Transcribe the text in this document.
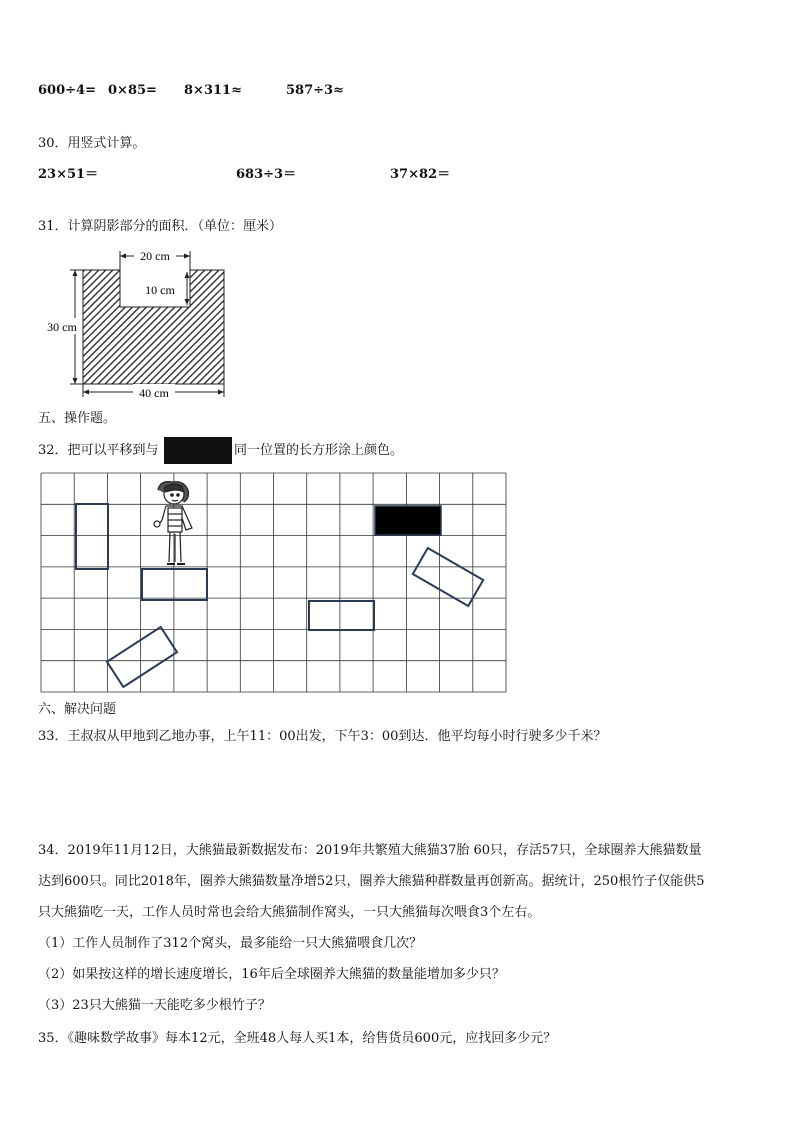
600÷4= 0×85= 8×311≈	587÷3≈
30．用竖式计算。
23×51＝	683÷3＝	37×82＝
31．计算阴影部分的面积．（单位：厘米）
20 cm
10 cm
30 cm
40 cm
五、操作题。
32．把可以平移到与	同一位置的长方形涂上颜色。
六、解决问题
33．王叔叔从甲地到乙地办事，上午11：00出发，下午3：00到达．他平均每小时行驶多少千米？
34．2019年11月12日，大熊猫最新数据发布：2019年共繁殖大熊猫37胎 60只，存活57只，全球圈养大熊猫数量
达到600只。同比2018年，圈养大熊猫数量净增52只，圈养大熊猫种群数量再创新高。据统计，250根竹子仅能供5
只大熊猫吃一天，工作人员时常也会给大熊猫制作窝头，一只大熊猫每次喂食3个左右。
（1）工作人员制作了312个窝头，最多能给一只大熊猫喂食几次？
（2）如果按这样的增长速度增长，16年后全球圈养大熊猫的数量能增加多少只？
（3）23只大熊猫一天能吃多少根竹子？
35．《趣味数学故事》每本12元，全班48人每人买1本，给售货员600元，应找回多少元？
